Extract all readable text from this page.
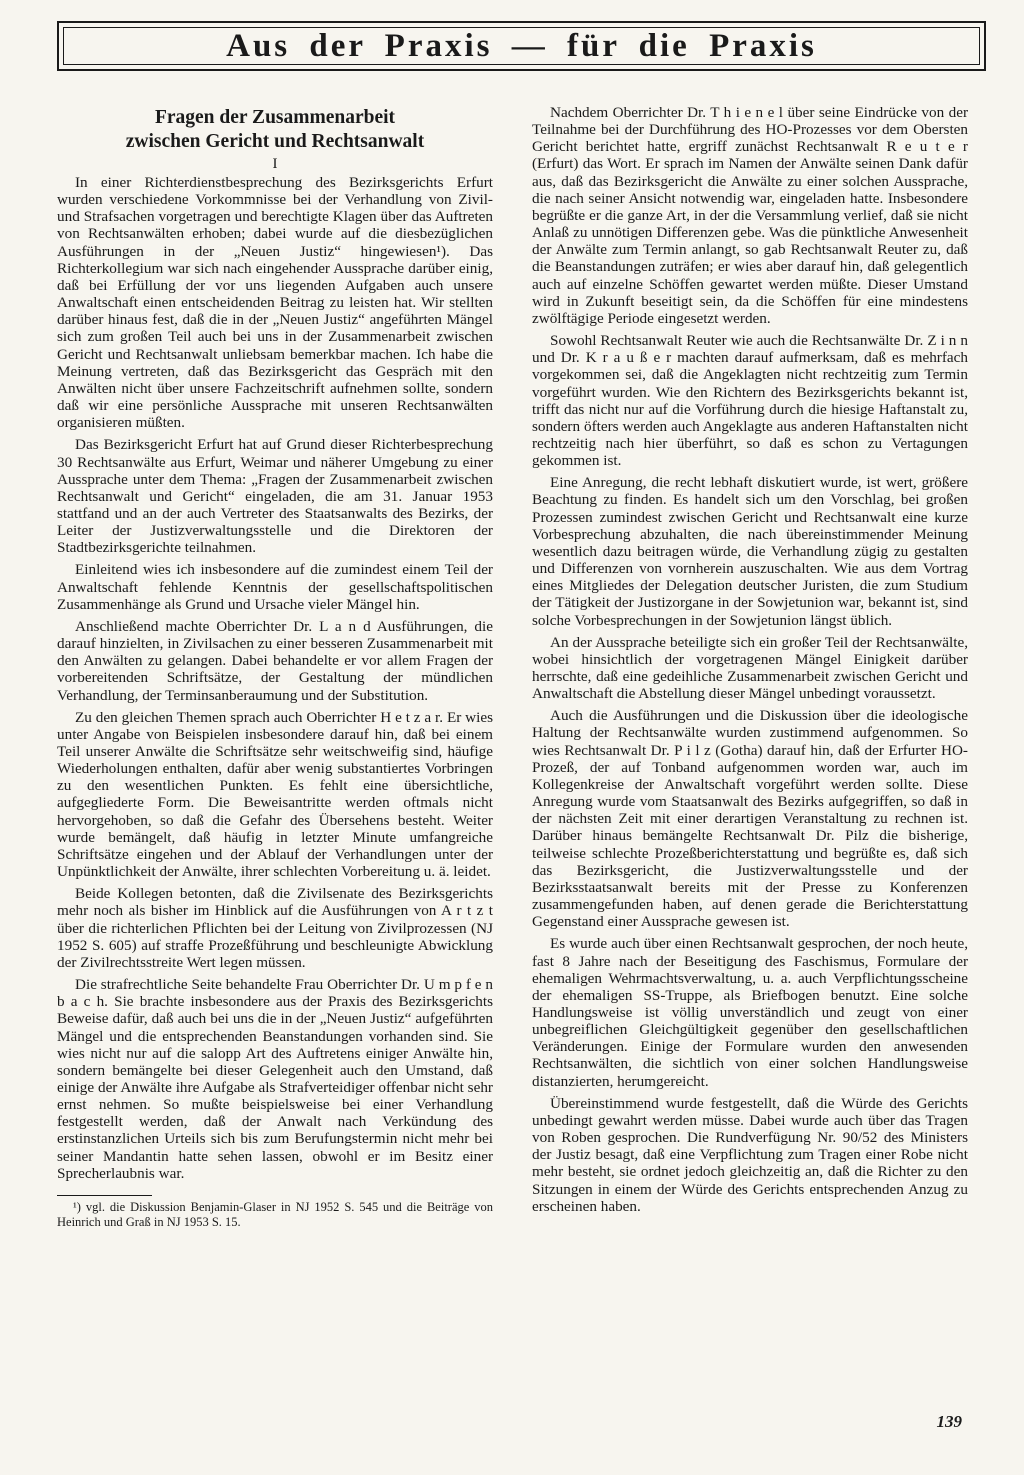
Aus der Praxis — für die Praxis
Fragen der Zusammenarbeit
zwischen Gericht und Rechtsanwalt
I

In einer Richterdienstbesprechung des Bezirksgerichts Erfurt wurden verschiedene Vorkommnisse bei der Verhandlung von Zivil- und Strafsachen vorgetragen und berechtigte Klagen über das Auftreten von Rechtsanwälten erhoben; dabei wurde auf die diesbezüglichen Ausführungen in der „Neuen Justiz“ hingewiesen¹). Das Richterkollegium war sich nach eingehender Aussprache darüber einig, daß bei Erfüllung der vor uns liegenden Aufgaben auch unsere Anwaltschaft einen entscheidenden Beitrag zu leisten hat. Wir stellten darüber hinaus fest, daß die in der „Neuen Justiz“ angeführten Mängel sich zum großen Teil auch bei uns in der Zusammenarbeit zwischen Gericht und Rechtsanwalt unliebsam bemerkbar machen. Ich habe die Meinung vertreten, daß das Bezirksgericht das Gespräch mit den Anwälten nicht über unsere Fachzeitschrift aufnehmen sollte, sondern daß wir eine persönliche Aussprache mit unseren Rechtsanwälten organisieren müßten.

Das Bezirksgericht Erfurt hat auf Grund dieser Richterbesprechung 30 Rechtsanwälte aus Erfurt, Weimar und näherer Umgebung zu einer Aussprache unter dem Thema: „Fragen der Zusammenarbeit zwischen Rechtsanwalt und Gericht“ eingeladen, die am 31. Januar 1953 stattfand und an der auch Vertreter des Staatsanwalts des Bezirks, der Leiter der Justizverwaltungsstelle und die Direktoren der Stadtbezirksgerichte teilnahmen.

Einleitend wies ich insbesondere auf die zumindest einem Teil der Anwaltschaft fehlende Kenntnis der gesellschaftspolitischen Zusammenhänge als Grund und Ursache vieler Mängel hin.

Anschließend machte Oberrichter Dr. L a n d Ausführungen, die darauf hinzielten, in Zivilsachen zu einer besseren Zusammenarbeit mit den Anwälten zu gelangen. Dabei behandelte er vor allem Fragen der vorbereitenden Schriftsätze, der Gestaltung der mündlichen Verhandlung, der Terminsanberaumung und der Substitution.

Zu den gleichen Themen sprach auch Oberrichter H e t z a r. Er wies unter Angabe von Beispielen insbesondere darauf hin, daß bei einem Teil unserer Anwälte die Schriftsätze sehr weitschweifig sind, häufige Wiederholungen enthalten, dafür aber wenig substantiertes Vorbringen zu den wesentlichen Punkten. Es fehlt eine übersichtliche, aufgegliederte Form. Die Beweisantritte werden oftmals nicht hervorgehoben, so daß die Gefahr des Übersehens besteht. Weiter wurde bemängelt, daß häufig in letzter Minute umfangreiche Schriftsätze eingehen und der Ablauf der Verhandlungen unter der Unpünktlichkeit der Anwälte, ihrer schlechten Vorbereitung u. ä. leidet.

Beide Kollegen betonten, daß die Zivilsenate des Bezirksgerichts mehr noch als bisher im Hinblick auf die Ausführungen von A r t z t über die richterlichen Pflichten bei der Leitung von Zivilprozessen (NJ 1952 S. 605) auf straffe Prozeßführung und beschleunigte Abwicklung der Zivilrechtsstreite Wert legen müssen.

Die strafrechtliche Seite behandelte Frau Oberrichter Dr. U m p f e n b a c h. Sie brachte insbesondere aus der Praxis des Bezirksgerichts Beweise dafür, daß auch bei uns die in der „Neuen Justiz“ aufgeführten Mängel und die entsprechenden Beanstandungen vorhanden sind. Sie wies nicht nur auf die salopp Art des Auftretens einiger Anwälte hin, sondern bemängelte bei dieser Gelegenheit auch den Umstand, daß einige der Anwälte ihre Aufgabe als Strafverteidiger offenbar nicht sehr ernst nehmen. So mußte beispielsweise bei einer Verhandlung festgestellt werden, daß der Anwalt nach Verkündung des erstinstanzlichen Urteils sich bis zum Berufungstermin nicht mehr bei seiner Mandantin hatte sehen lassen, obwohl er im Besitz einer Sprecherlaubnis war.

¹) vgl. die Diskussion Benjamin-Glaser in NJ 1952 S. 545 und die Beiträge von Heinrich und Graß in NJ 1953 S. 15.

Nachdem Oberrichter Dr. T h i e n e l über seine Eindrücke von der Teilnahme bei der Durchführung des HO-Prozesses vor dem Obersten Gericht berichtet hatte, ergriff zunächst Rechtsanwalt R e u t e r (Erfurt) das Wort. Er sprach im Namen der Anwälte seinen Dank dafür aus, daß das Bezirksgericht die Anwälte zu einer solchen Aussprache, die nach seiner Ansicht notwendig war, eingeladen hatte. Insbesondere begrüßte er die ganze Art, in der die Versammlung verlief, daß sie nicht Anlaß zu unnötigen Differenzen gebe. Was die pünktliche Anwesenheit der Anwälte zum Termin anlangt, so gab Rechtsanwalt Reuter zu, daß die Beanstandungen zuträfen; er wies aber darauf hin, daß gelegentlich auch auf einzelne Schöffen gewartet werden müßte. Dieser Umstand wird in Zukunft beseitigt sein, da die Schöffen für eine mindestens zwölftägige Periode eingesetzt werden.

Sowohl Rechtsanwalt Reuter wie auch die Rechtsanwälte Dr. Z i n n und Dr. K r a u ß e r machten darauf aufmerksam, daß es mehrfach vorgekommen sei, daß die Angeklagten nicht rechtzeitig zum Termin vorgeführt wurden. Wie den Richtern des Bezirksgerichts bekannt ist, trifft das nicht nur auf die Vorführung durch die hiesige Haftanstalt zu, sondern öfters werden auch Angeklagte aus anderen Haftanstalten nicht rechtzeitig nach hier überführt, so daß es schon zu Vertagungen gekommen ist.

Eine Anregung, die recht lebhaft diskutiert wurde, ist wert, größere Beachtung zu finden. Es handelt sich um den Vorschlag, bei großen Prozessen zumindest zwischen Gericht und Rechtsanwalt eine kurze Vorbesprechung abzuhalten, die nach übereinstimmender Meinung wesentlich dazu beitragen würde, die Verhandlung zügig zu gestalten und Differenzen von vornherein auszuschalten. Wie aus dem Vortrag eines Mitgliedes der Delegation deutscher Juristen, die zum Studium der Tätigkeit der Justizorgane in der Sowjetunion war, bekannt ist, sind solche Vorbesprechungen in der Sowjetunion längst üblich.

An der Aussprache beteiligte sich ein großer Teil der Rechtsanwälte, wobei hinsichtlich der vorgetragenen Mängel Einigkeit darüber herrschte, daß eine gedeihliche Zusammenarbeit zwischen Gericht und Anwaltschaft die Abstellung dieser Mängel unbedingt voraussetzt.

Auch die Ausführungen und die Diskussion über die ideologische Haltung der Rechtsanwälte wurden zustimmend aufgenommen. So wies Rechtsanwalt Dr. P i l z (Gotha) darauf hin, daß der Erfurter HO-Prozeß, der auf Tonband aufgenommen worden war, auch im Kollegenkreise der Anwaltschaft vorgeführt werden sollte. Diese Anregung wurde vom Staatsanwalt des Bezirks aufgegriffen, so daß in der nächsten Zeit mit einer derartigen Veranstaltung zu rechnen ist. Darüber hinaus bemängelte Rechtsanwalt Dr. Pilz die bisherige, teilweise schlechte Prozeßberichterstattung und begrüßte es, daß sich das Bezirksgericht, die Justizverwaltungsstelle und der Bezirksstaatsanwalt bereits mit der Presse zu Konferenzen zusammengefunden haben, auf denen gerade die Berichterstattung Gegenstand einer Aussprache gewesen ist.

Es wurde auch über einen Rechtsanwalt gesprochen, der noch heute, fast 8 Jahre nach der Beseitigung des Faschismus, Formulare der ehemaligen Wehrmachtsverwaltung, u. a. auch Verpflichtungsscheine der ehemaligen SS-Truppe, als Briefbogen benutzt. Eine solche Handlungsweise ist völlig unverständlich und zeugt von einer unbegreiflichen Gleichgültigkeit gegenüber den gesellschaftlichen Veränderungen. Einige der Formulare wurden den anwesenden Rechtsanwälten, die sichtlich von einer solchen Handlungsweise distanzierten, herumgereicht.

Übereinstimmend wurde festgestellt, daß die Würde des Gerichts unbedingt gewahrt werden müsse. Dabei wurde auch über das Tragen von Roben gesprochen. Die Rundverfügung Nr. 90/52 des Ministers der Justiz besagt, daß eine Verpflichtung zum Tragen einer Robe nicht mehr besteht, sie ordnet jedoch gleichzeitig an, daß die Richter zu den Sitzungen in einem der Würde des Gerichts entsprechenden Anzug zu erscheinen haben.

139
